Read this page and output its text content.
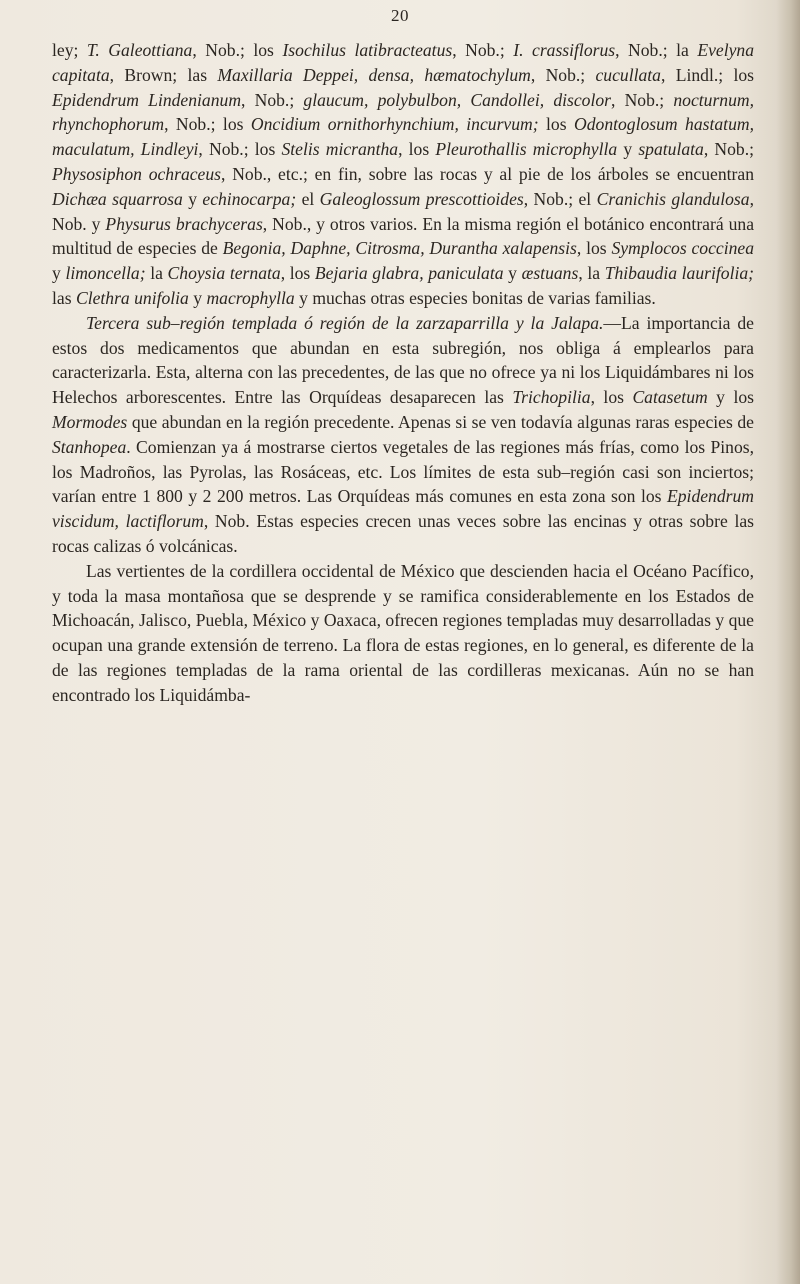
20

ley; T. Galeottiana, Nob.; los Isochilus latibracteatus, Nob.; I. crassiflorus, Nob.; la Evelyna capitata, Brown; las Maxillaria Deppei, densa, hæmatochylum, Nob.; cucullata, Lindl.; los Epidendrum Lindenianum, Nob.; glaucum, polybulbon, Candollei, discolor, Nob.; nocturnum, rhynchophorum, Nob.; los Oncidium ornithorhynchium, incurvum; los Odontoglosum hastatum, maculatum, Lindleyi, Nob.; los Stelis micrantha, los Pleurothallis microphylla y spatulata, Nob.; Physosiphon ochraceus, Nob., etc.; en fin, sobre las rocas y al pie de los árboles se encuentran Dichæa squarrosa y echinocarpa; el Galeoglossum prescottioides, Nob.; el Cranichis glandulosa, Nob. y Physurus brachyceras, Nob., y otros varios. En la misma región el botánico encontrará una multitud de especies de Begonia, Daphne, Citrosma, Durantha xalapensis, los Symplocos coccinea y limoncella; la Choysia ternata, los Bejaria glabra, paniculata y æstuans, la Thibaudia laurifolia; las Clethra unifolia y macrophylla y muchas otras especies bonitas de varias familias.

Tercera sub–región templada ó región de la zarzaparrilla y la Jalapa.—La importancia de estos dos medicamentos que abundan en esta subregión, nos obliga á emplearlos para caracterizarla. Esta, alterna con las precedentes, de las que no ofrece ya ni los Liquidámbares ni los Helechos arborescentes. Entre las Orquídeas desaparecen las Trichopilia, los Catasetum y los Mormodes que abundan en la región precedente. Apenas si se ven todavía algunas raras especies de Stanhopea. Comienzan ya á mostrarse ciertos vegetales de las regiones más frías, como los Pinos, los Madroños, las Pyrolas, las Rosáceas, etc. Los límites de esta sub–región casi son inciertos; varían entre 1 800 y 2 200 metros. Las Orquídeas más comunes en esta zona son los Epidendrum viscidum, lactiflorum, Nob. Estas especies crecen unas veces sobre las encinas y otras sobre las rocas calizas ó volcánicas.

Las vertientes de la cordillera occidental de México que descienden hacia el Océano Pacífico, y toda la masa montañosa que se desprende y se ramifica considerablemente en los Estados de Michoacán, Jalisco, Puebla, México y Oaxaca, ofrecen regiones templadas muy desarrolladas y que ocupan una grande extensión de terreno. La flora de estas regiones, en lo general, es diferente de la de las regiones templadas de la rama oriental de las cordilleras mexicanas. Aún no se han encontrado los Liquidámba-
